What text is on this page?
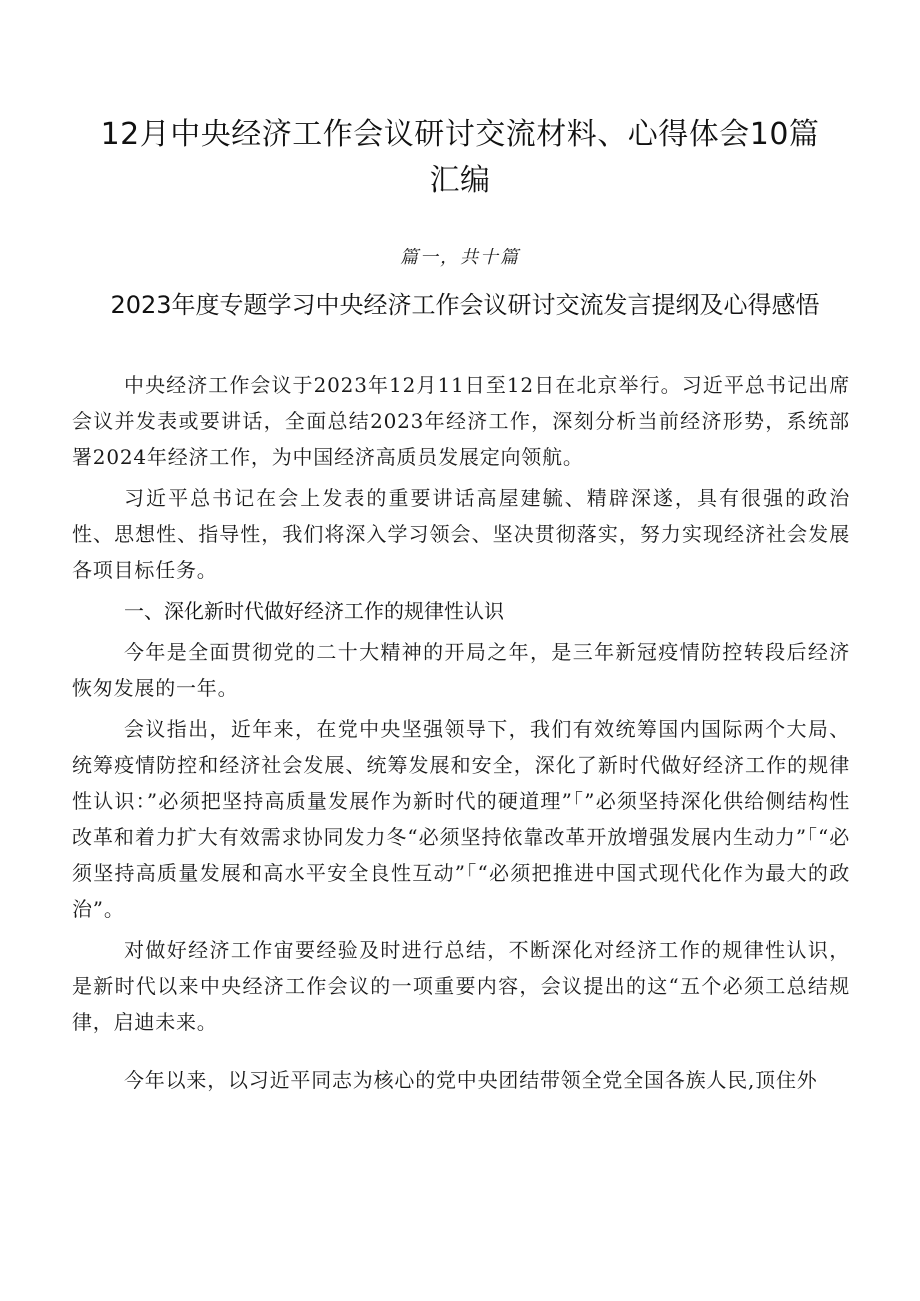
12月中央经济工作会议研讨交流材料、心得体会10篇汇编
篇一，共十篇
2023年度专题学习中央经济工作会议研讨交流发言提纲及心得感悟

中央经济工作会议于2023年12月11日至12日在北京举行。习近平总书记出席会议并发表或要讲话，全面总结2023年经济工作，深刻分析当前经济形势，系统部署2024年经济工作，为中国经济高质员发展定向领航。

习近平总书记在会上发表的重要讲话高屋建毓、精辟深遂，具有很强的政治性、思想性、指导性，我们将深入学习领会、坚决贯彻落实，努力实现经济社会发展各项目标任务。

一、深化新时代做好经济工作的规律性认识

今年是全面贯彻党的二十大精神的开局之年，是三年新冠疫情防控转段后经济恢匆发展的一年。

会议指出，近年来，在党中央坚强领导下，我们有效统筹国内国际两个大局、统筹疫情防控和经济社会发展、统筹发展和安全，深化了新时代做好经济工作的规律性认识：”必须把坚持高质量发展作为新时代的硬道理”「”必须坚持深化供给侧结构性改革和着力扩大有效需求协同发力冬“必须坚持依靠改革开放增强发展内生动力”「“必须坚持高质量发展和高水平安全良性互动”「“必须把推进中国式现代化作为最大的政治”。

对做好经济工作宙要经验及时进行总结，不断深化对经济工作的规律性认识，是新时代以来中央经济工作会议的一项重要内容，会议提出的这“五个必须工总结规律，启迪未来。

今年以来，以习近平同志为核心的党中央团结带领全党全国各族人民,顶住外
